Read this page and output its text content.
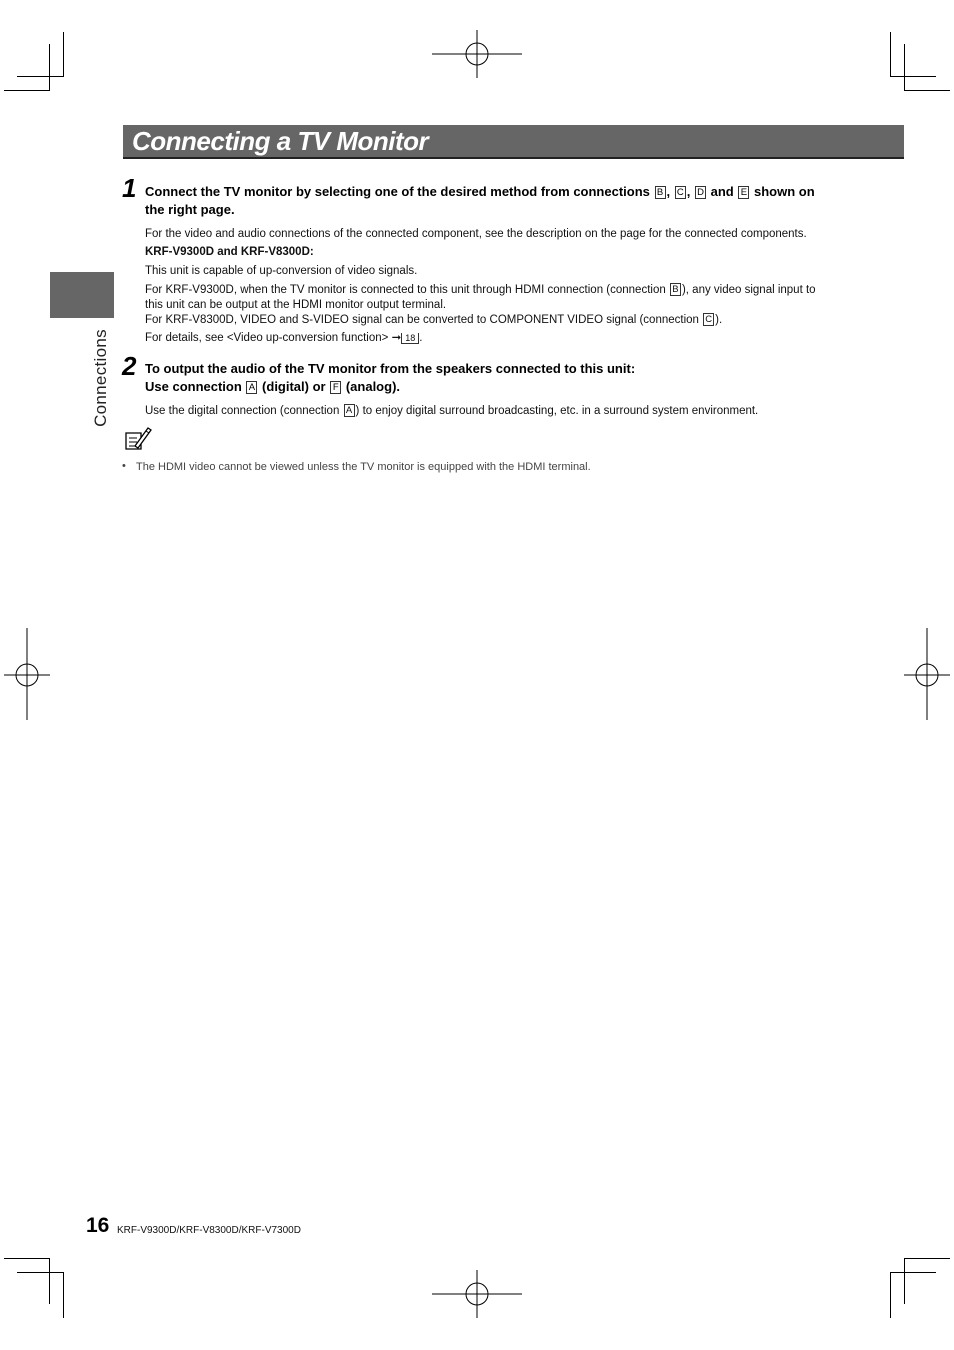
Connecting a TV Monitor
Connections
1 Connect the TV monitor by selecting one of the desired method from connections B , C , D and E shown on
the right page.
For the video and audio connections of the connected component, see the description on the page for the connected components.
KRF-V9300D and KRF-V8300D:
This unit is capable of up-conversion of video signals.
For KRF-V9300D, when the TV monitor is connected to this unit through HDMI connection (connection B ), any video signal input to
this unit can be output at the HDMI monitor output terminal.
For KRF-V8300D, VIDEO and S-VIDEO signal can be converted to COMPONENT VIDEO signal (connection C ).
For details, see <Video up-conversion function> ➞ 18 .
2 To output the audio of the TV monitor from the speakers connected to this unit:
Use connection A (digital) or F (analog).
Use the digital connection (connection A ) to enjoy digital surround broadcasting, etc. in a surround system environment.
• The HDMI video cannot be viewed unless the TV monitor is equipped with the HDMI terminal.
16 KRF-V9300D/KRF-V8300D/KRF-V7300D
